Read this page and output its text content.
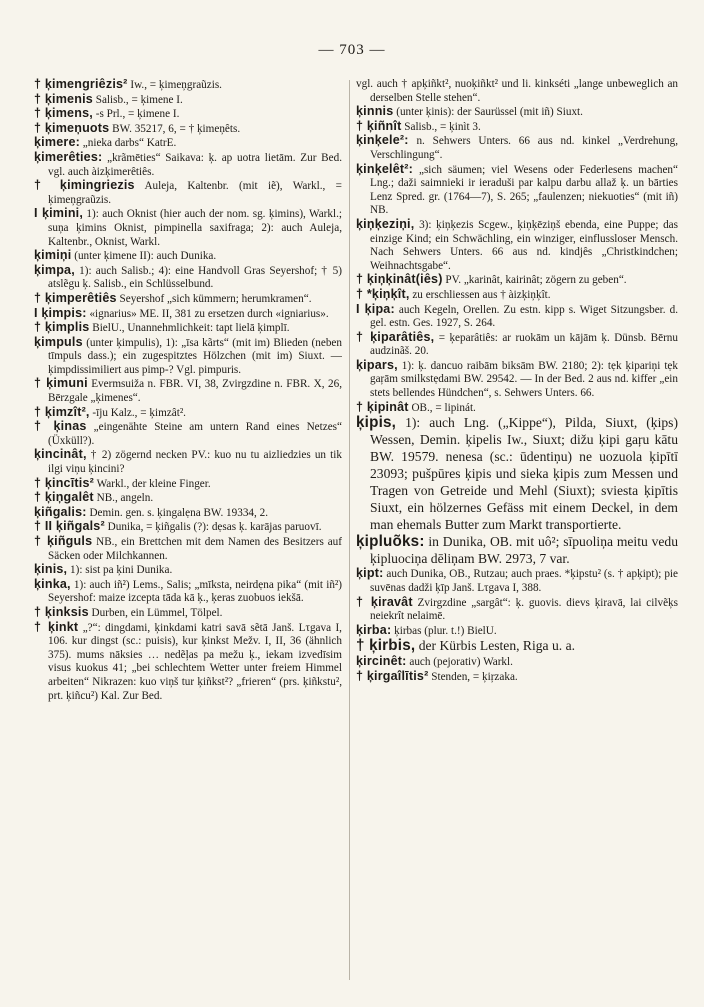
— 703 —

† ķimengriêzis² Iw., = ķimeņgraũzis.

† ķimenis Salisb., = ķimene I.

† ķimens, -s Prl., = ķimene I.

† ķimeņuots BW. 35217, 6, = † ķimeņêts.

ķimere: „nieka darbs“ KatrE.

ķimerêties: „krãmēties“ Saikava: ķ. ap uotra lietām. Zur Bed. vgl. auch àizķimerêtiês.

† ķimingriezis Auleja, Kaltenbr. (mit iẽ), Warkl., = ķimeņgraũzis.

I ķimini, 1): auch Oknist (hier auch der nom. sg. ķimins), Warkl.; suņa ķimins Oknist, pimpinella saxifraga; 2): auch Auleja, Kaltenbr., Oknist, Warkl.

ķimiņi (unter ķimene II): auch Dunika.

ķimpa, 1): auch Salisb.; 4): eine Handvoll Gras Seyershof; † 5) atslẽgu ķ. Salisb., ein Schlüsselbund.

† ķimperêtiês Seyershof „sich kümmern; herumkramen“.

I ķimpis: «ignarius» ME. II, 381 zu ersetzen durch «igniarius».

† ķimplis BielU., Unannehmlichkeit: tapt lielā ķimplī.

ķimpuls (unter ķimpulis), 1): „īsa kãrts“ (mit im) Blieden (neben tīmpuls dass.); ein zugespitztes Hölzchen (mit im) Siuxt. — ķimpdissimiliert aus pimp-? Vgl. pimpuris.

† ķimuni Evermsuiža n. FBR. VI, 38, Zvirgzdine n. FBR. X, 26, Bērzgale „ķimenes“.

† ķimzît², -īju Kalz., = ķimzât².

† ķinas „eingenähte Steine am untern Rand eines Netzes“ (Üxküll?).

ķincinât, † 2) zögernd necken PV.: kuo nu tu aizliedzies un tik ilgi viņu ķincini?

† ķincītis² Warkl., der kleine Finger.

† ķiņgalêt NB., angeln.

ķiñgalis: Demin. gen. s. ķingalẹna BW. 19334, 2.

† II ķiñgals² Dunika, = ķiñgalis (?): dẹsas ķ. karājas paruovī.

† ķiñguls NB., ein Brettchen mit dem Namen des Besitzers auf Säcken oder Milchkannen.

ķinis, 1): sist pa ķini Dunika.

ķinka, 1): auch iñ²) Lems., Salis; „mīksta, neirdẹna pika“ (mit iñ²) Seyershof: maize izcepta tāda kā ķ., ķeras zuobuos iekšā.

† ķinksis Durben, ein Lümmel, Tölpel.

† ķinkt „?“: dingdami, ķinkdami katri savā sẽtā Janš. Lτgava I, 106. kur dingst (sc.: puisis), kur ķinkst Mežv. I, II, 36 (ähnlich 375). mums nāksies … nedẽļas pa mežu ķ., iekam izvedīsim visus kuokus 41; „bei schlechtem Wetter unter freiem Himmel arbeiten“ Nikrazen: kuo viņš tur ķiñkst²? „frieren“ (prs. ķiñkstu², prt. ķiñcu²) Kal. Zur Bed.

vgl. auch † apķiñkt², nuoķiñkt² und li. kinkséti „lange unbeweglich an derselben Stelle stehen“.

ķinnis (unter ķinis): der Saurüssel (mit iñ) Siuxt.

† ķiñnît Salisb., = ķinìt 3.

ķinķele²: n. Sehwers Unters. 66 aus nd. kinkel „Verdrehung, Verschlingung“.

ķinķelêt²: „sich säumen; viel Wesens oder Federlesens machen“ Lng.; daži saimnieki ir ieraduši par kalpu darbu allaž ķ. un bārties Lenz Spred. gr. (1764—7), S. 265; „faulenzen; niekuoties“ (mit iñ) NB.

ķiņķeziņi, 3): ķiņķezis Scgew., ķiņķēziņš ebenda, eine Puppe; das einzige Kind; ein Schwächling, ein winziger, einflussloser Mensch. Nach Sehwers Unters. 66 aus nd. kindjês „Christkindchen; Weihnachtsgabe“.

† ķiņķinât(iês) PV. „karinât, kairinât; zögern zu geben“.

† *ķiņķît, zu erschliessen aus † àizķiņķît.

I ķipa: auch Kegeln, Orellen. Zu estn. kipp s. Wiget Sitzungsber. d. gel. estn. Ges. 1927, S. 264.

† ķiparâtiês, = ķeparâtiês: ar ruokām un kājām ķ. Dünsb. Bērnu audzinãš. 20.

ķipars, 1): ķ. dancuo raibām biksām BW. 2180; 2): tẹk ķipariņi tẹk gaŗām smilkstẹdami BW. 29542. — In der Bed. 2 aus nd. kiffer „ein stets bellendes Hündchen“, s. Sehwers Unters. 66.

† ķipinât OB., = lipinát.

ķipis, 1): auch Lng. („Kippe“), Pilda, Siuxt, (ķips) Wessen, Demin. ķipelis Iw., Siuxt; dižu ķipi gaŗu kātu BW. 19579. nenesa (sc.: ūdentiņu) ne uozuola ķipītī 23093; pušpūres ķipis und sieka ķipis zum Messen und Tragen von Getreide und Mehl (Siuxt); sviesta ķipītis Siuxt, ein hölzernes Gefäss mit einem Deckel, in dem man ehemals Butter zum Markt transportierte.

ķipluõks: in Dunika, OB. mit uô²; sīpuoliņa meitu vedu ķipluociņa dēliņam BW. 2973, 7 var.

ķipt: auch Dunika, OB., Rutzau; auch praes. *ķipstu² (s. † apķipt); pie suvēnas dadži ķīp Janš. Lτgava I, 388.

† ķiravât Zvirgzdine „sargât“: ķ. guovis. dievs ķiravā, lai cilvẽķs neiekrît nelaimē.

ķirba: ķirbas (plur. t.!) BielU.

† ķirbis, der Kürbis Lesten, Riga u. a.

ķircinêt: auch (pejorativ) Warkl.

† ķirgaîlītis² Stenden, = ķiŗzaka.
